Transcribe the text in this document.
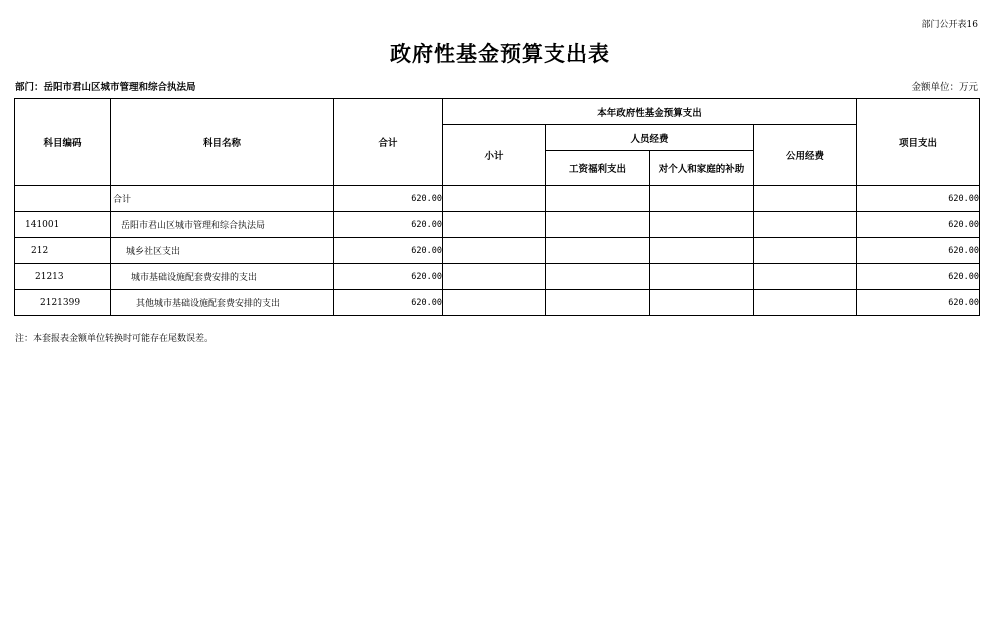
部门公开表16
政府性基金预算支出表
部门：岳阳市君山区城市管理和综合执法局	金额单位：万元
科目编码	科目名称	合计	本年政府性基金预算支出				项目支出
			小计	人员经费		公用经费	
				工资福利支出	对个人和家庭的补助		
	合计	620.00					620.00
141001	岳阳市君山区城市管理和综合执法局	620.00					620.00
212	城乡社区支出	620.00					620.00
21213	城市基础设施配套费安排的支出	620.00					620.00
2121399	其他城市基础设施配套费安排的支出	620.00					620.00
注：本套报表金额单位转换时可能存在尾数误差。
